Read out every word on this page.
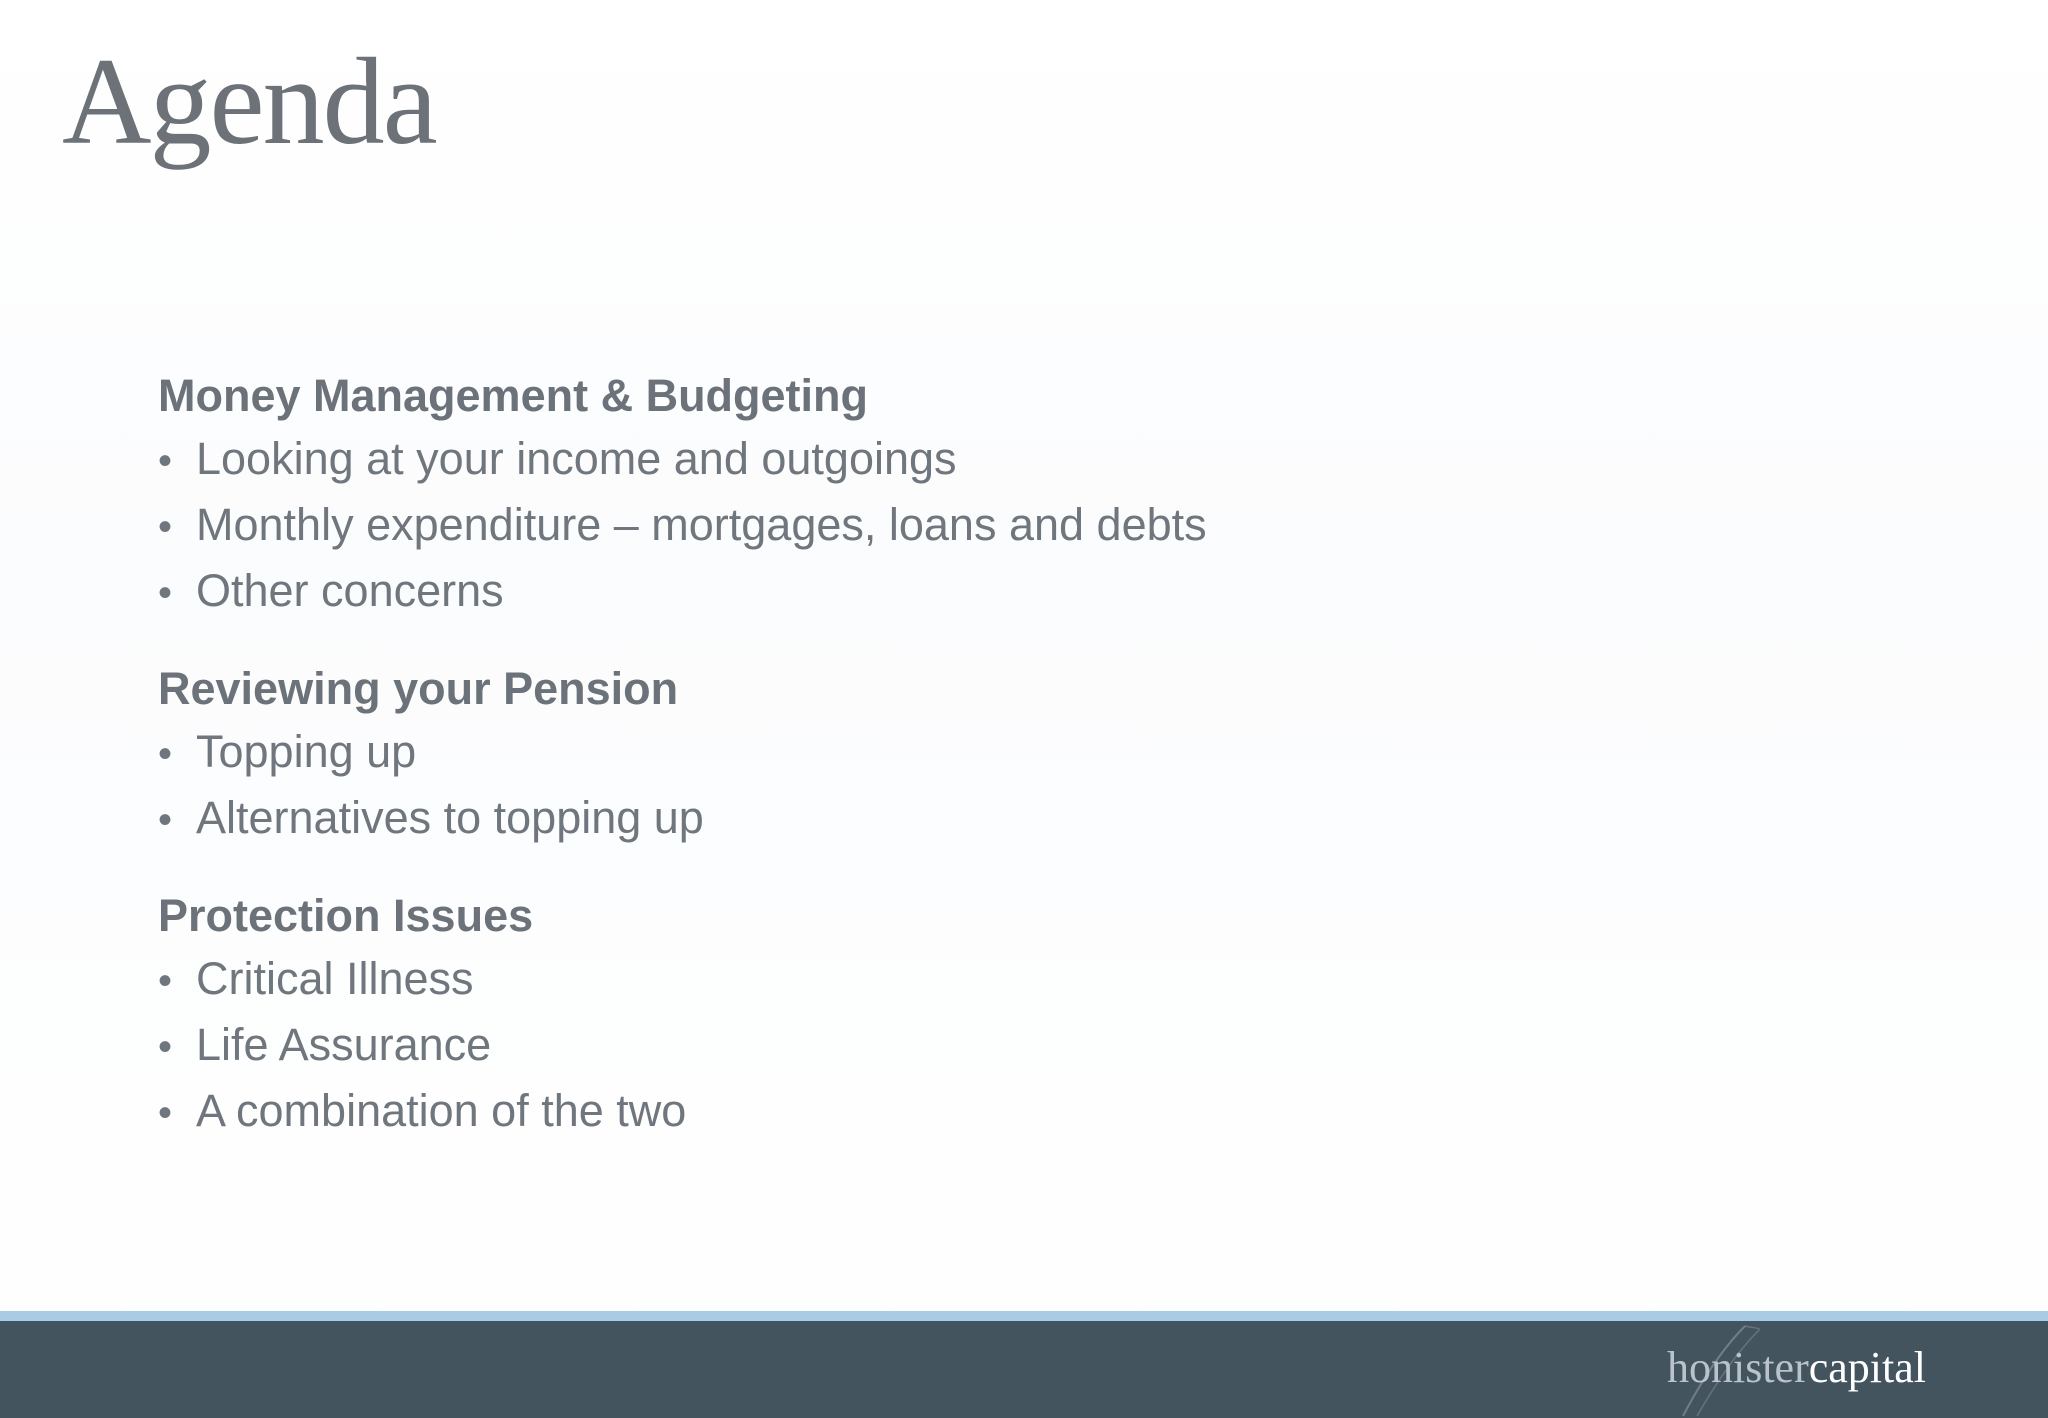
Agenda

Money Management & Budgeting

• Looking at your income and outgoings
• Monthly expenditure – mortgages, loans and debts
• Other concerns

Reviewing your Pension

• Topping up
• Alternatives to topping up

Protection Issues

• Critical Illness
• Life Assurance
• A combination of the two
honistercapital
